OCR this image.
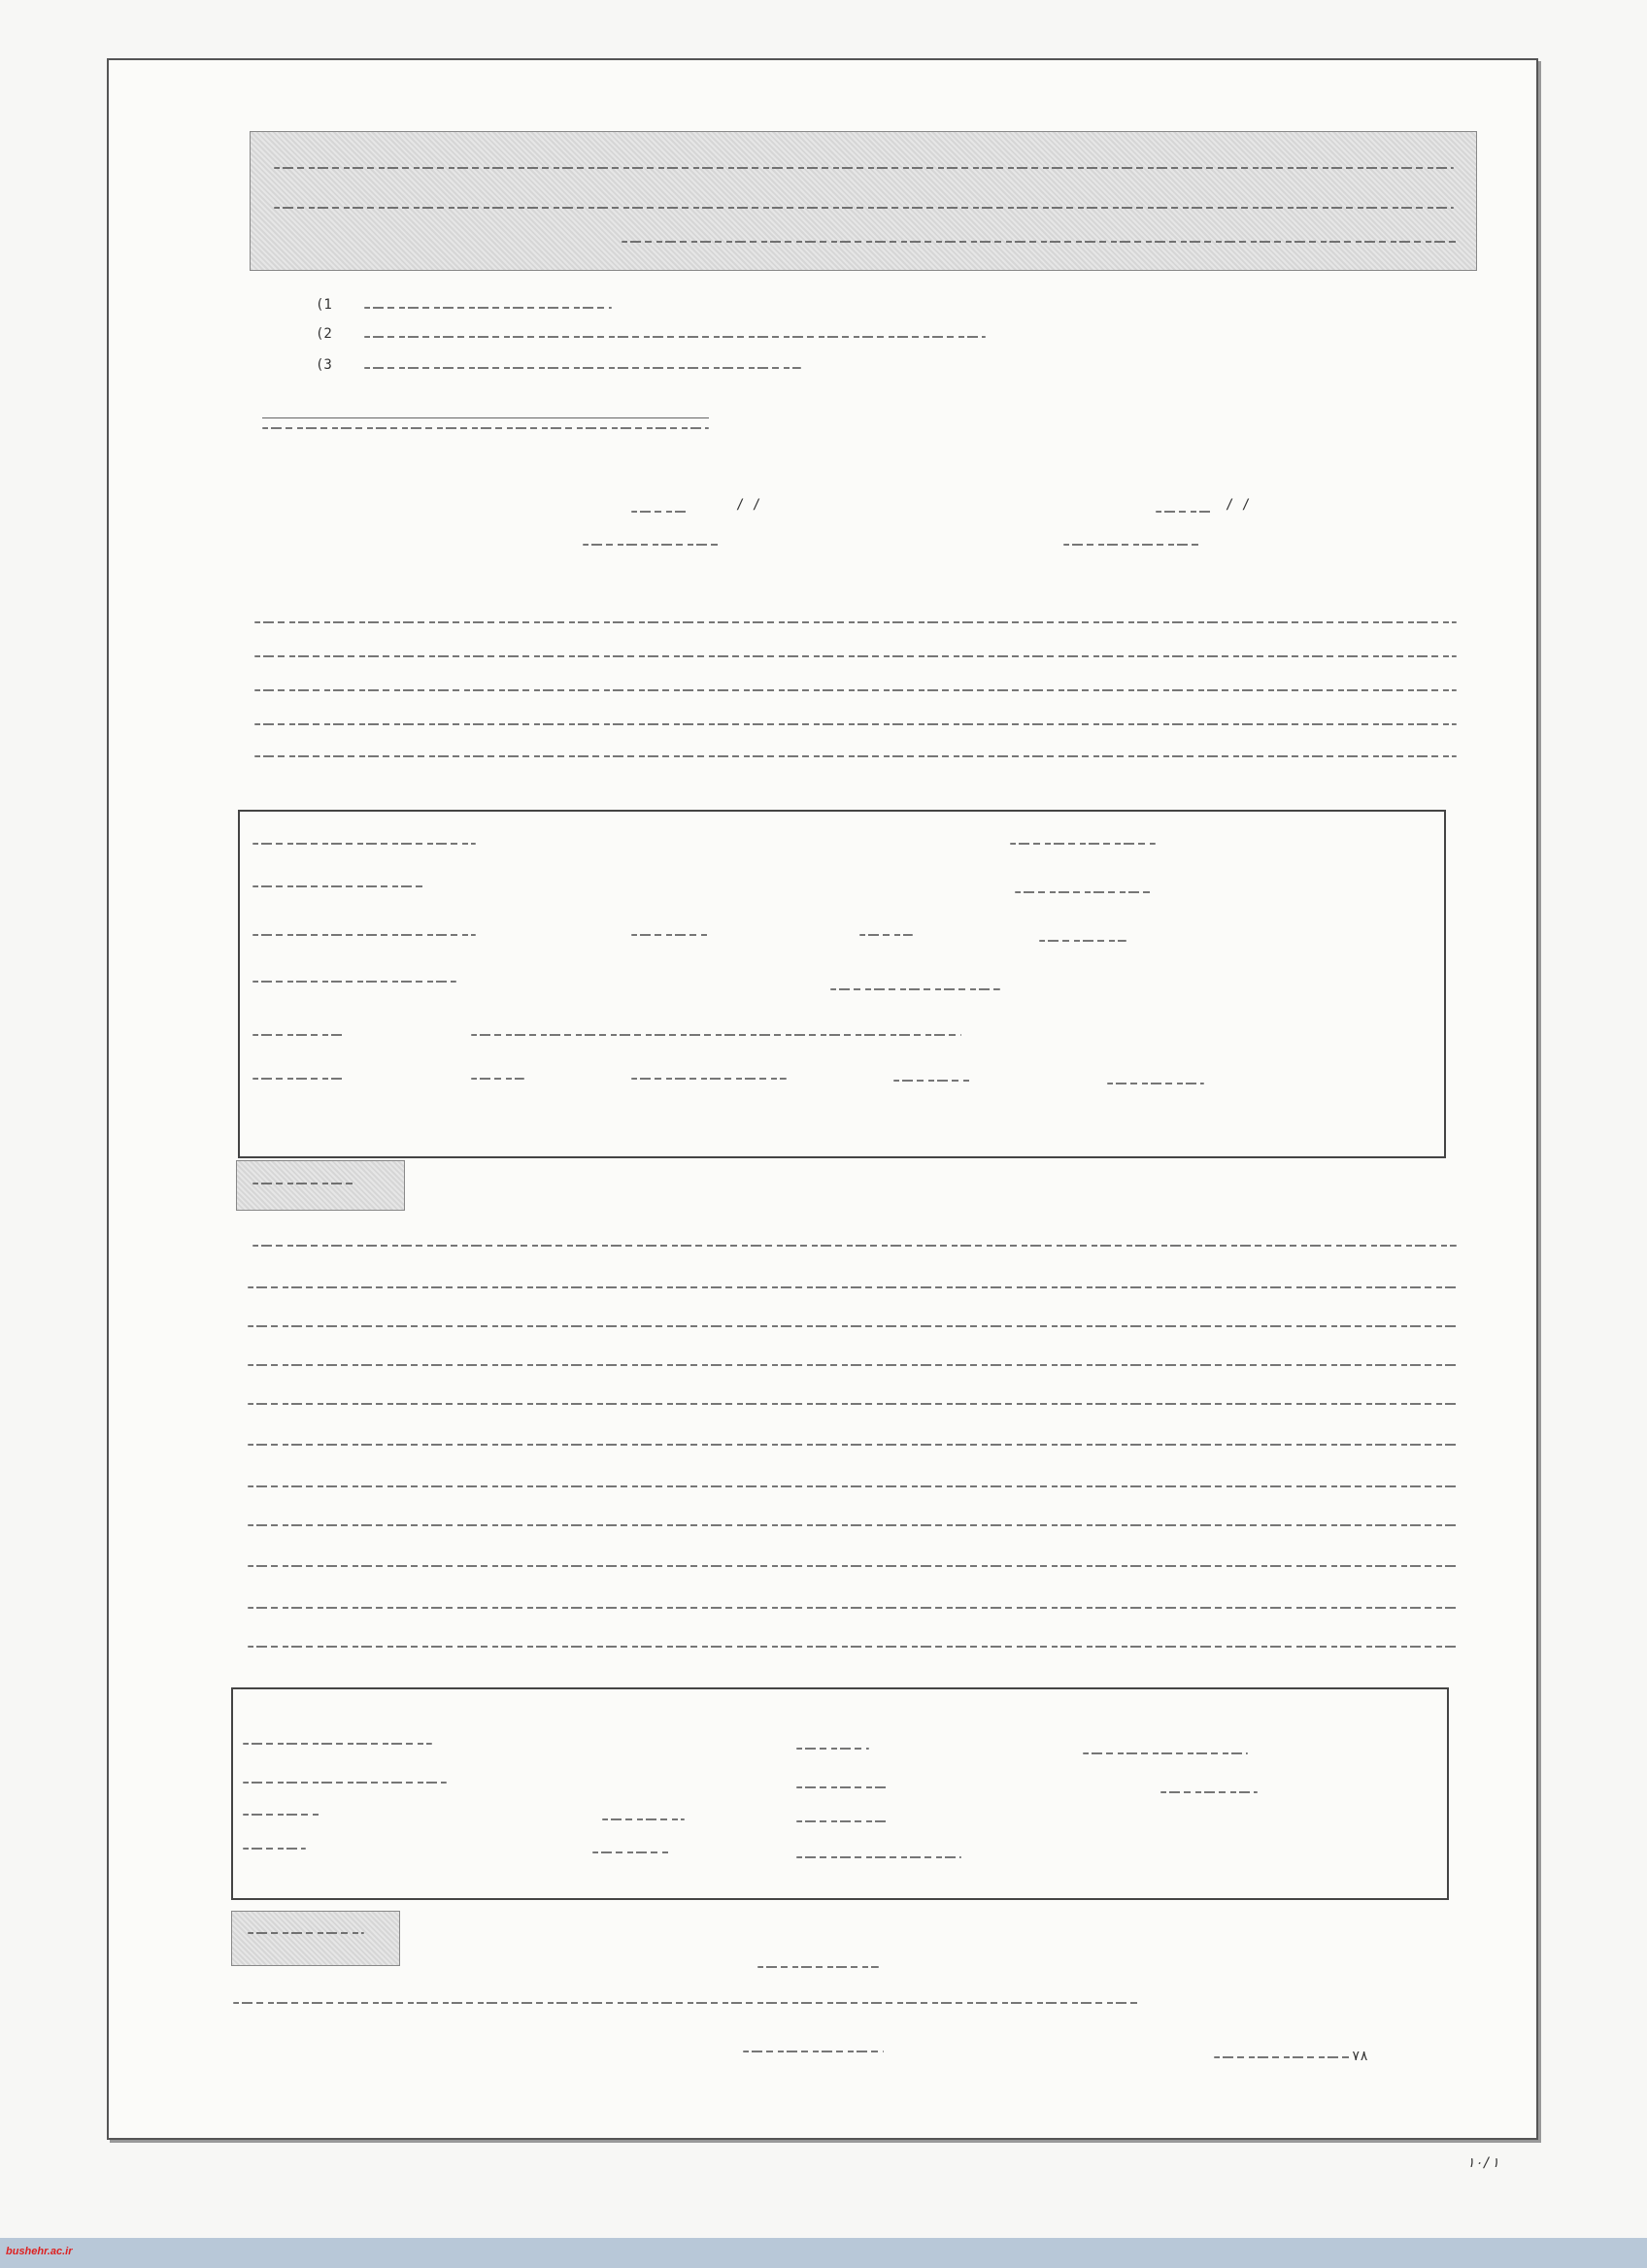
(1
(2
(3
/ /	/ /
۷۸
۱۰/۱
bushehr.ac.ir
